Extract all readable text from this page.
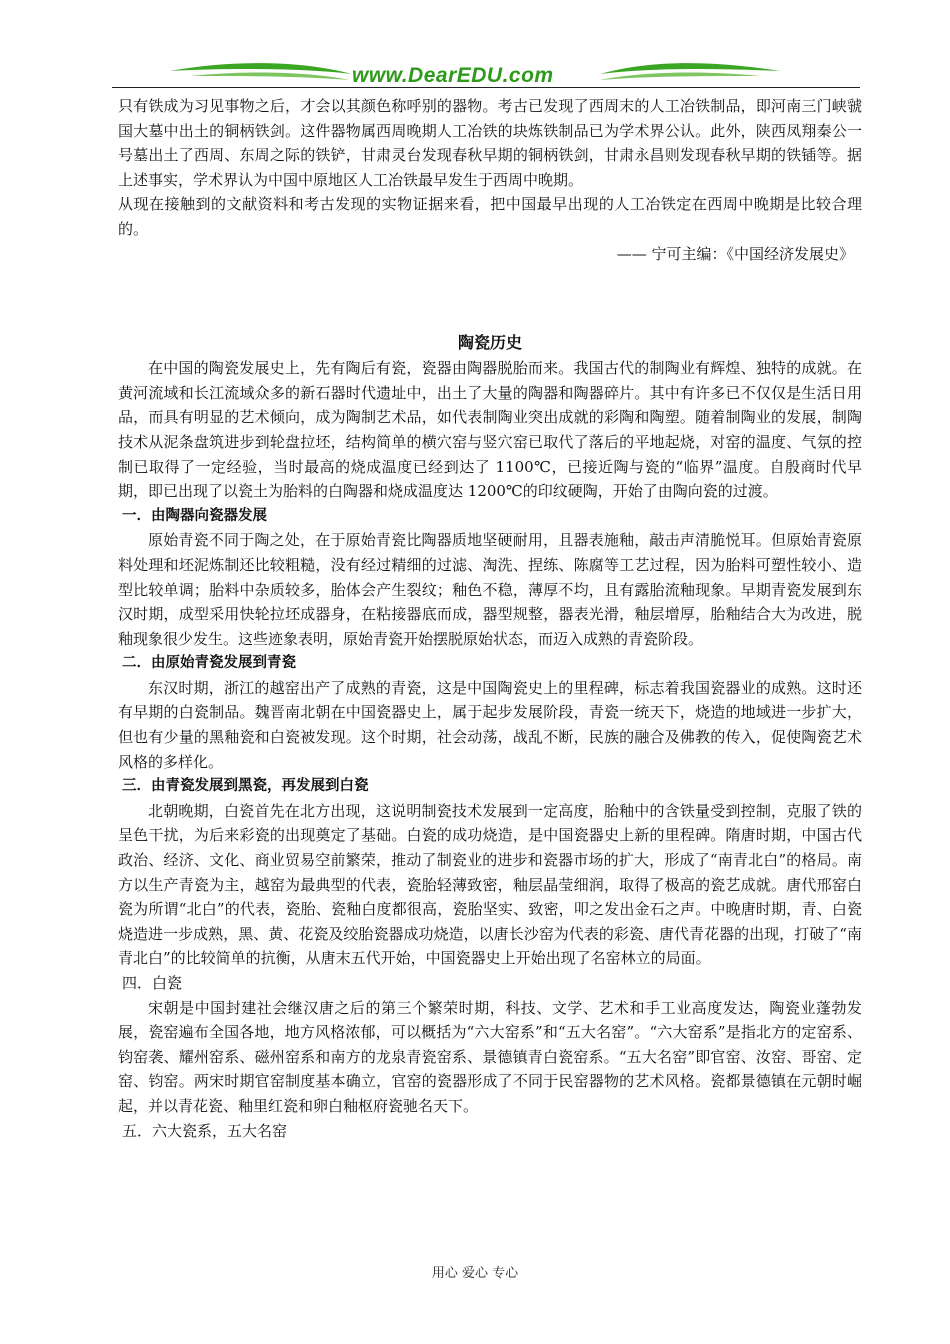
www.DearEDU.com

只有铁成为习见事物之后，才会以其颜色称呼别的器物。考古已发现了西周末的人工冶铁制品，即河南三门峡虢国大墓中出土的铜柄铁剑。这件器物属西周晚期人工冶铁的块炼铁制品已为学术界公认。此外，陕西凤翔秦公一号墓出土了西周、东周之际的铁铲，甘肃灵台发现春秋早期的铜柄铁剑，甘肃永昌则发现春秋早期的铁锸等。据上述事实，学术界认为中国中原地区人工冶铁最早发生于西周中晚期。

从现在接触到的文献资料和考古发现的实物证据来看，把中国最早出现的人工冶铁定在西周中晚期是比较合理的。

—— 宁可主编：《中国经济发展史》

陶瓷历史

在中国的陶瓷发展史上，先有陶后有瓷，瓷器由陶器脱胎而来。我国古代的制陶业有辉煌、独特的成就。在黄河流域和长江流域众多的新石器时代遗址中，出土了大量的陶器和陶器碎片。其中有许多已不仅仅是生活日用品，而具有明显的艺术倾向，成为陶制艺术品，如代表制陶业突出成就的彩陶和陶塑。随着制陶业的发展，制陶技术从泥条盘筑进步到轮盘拉坯，结构简单的横穴窑与竖穴窑已取代了落后的平地起烧，对窑的温度、气氛的控制已取得了一定经验，当时最高的烧成温度已经到达了 1100℃，已接近陶与瓷的“临界”温度。自殷商时代早期，即已出现了以瓷土为胎料的白陶器和烧成温度达 1200℃的印纹硬陶，开始了由陶向瓷的过渡。

一．由陶器向瓷器发展

原始青瓷不同于陶之处，在于原始青瓷比陶器质地坚硬耐用，且器表施釉，敲击声清脆悦耳。但原始青瓷原料处理和坯泥炼制还比较粗糙，没有经过精细的过滤、淘洗、捏练、陈腐等工艺过程，因为胎料可塑性较小、造型比较单调；胎料中杂质较多，胎体会产生裂纹；釉色不稳，薄厚不均，且有露胎流釉现象。早期青瓷发展到东汉时期，成型采用快轮拉坯成器身，在粘接器底而成，器型规整，器表光滑，釉层增厚，胎釉结合大为改进，脱釉现象很少发生。这些迹象表明，原始青瓷开始摆脱原始状态，而迈入成熟的青瓷阶段。

二．由原始青瓷发展到青瓷

东汉时期，浙江的越窑出产了成熟的青瓷，这是中国陶瓷史上的里程碑，标志着我国瓷器业的成熟。这时还有早期的白瓷制品。魏晋南北朝在中国瓷器史上，属于起步发展阶段，青瓷一统天下，烧造的地域进一步扩大，但也有少量的黑釉瓷和白瓷被发现。这个时期，社会动荡，战乱不断，民族的融合及佛教的传入，促使陶瓷艺术风格的多样化。

三．由青瓷发展到黑瓷，再发展到白瓷

北朝晚期，白瓷首先在北方出现，这说明制瓷技术发展到一定高度，胎釉中的含铁量受到控制，克服了铁的呈色干扰，为后来彩瓷的出现奠定了基础。白瓷的成功烧造，是中国瓷器史上新的里程碑。隋唐时期，中国古代政治、经济、文化、商业贸易空前繁荣，推动了制瓷业的进步和瓷器市场的扩大，形成了“南青北白”的格局。南方以生产青瓷为主，越窑为最典型的代表，瓷胎轻薄致密，釉层晶莹细润，取得了极高的瓷艺成就。唐代邢窑白瓷为所谓“北白”的代表，瓷胎、瓷釉白度都很高，瓷胎坚实、致密，叩之发出金石之声。中晚唐时期，青、白瓷烧造进一步成熟，黑、黄、花瓷及绞胎瓷器成功烧造，以唐长沙窑为代表的彩瓷、唐代青花器的出现，打破了“南青北白”的比较简单的抗衡，从唐末五代开始，中国瓷器史上开始出现了名窑林立的局面。

四．白瓷

宋朝是中国封建社会继汉唐之后的第三个繁荣时期，科技、文学、艺术和手工业高度发达，陶瓷业蓬勃发展，瓷窑遍布全国各地，地方风格浓郁，可以概括为“六大窑系”和“五大名窑”。“六大窑系”是指北方的定窑系、钧窑袭、耀州窑系、磁州窑系和南方的龙泉青瓷窑系、景德镇青白瓷窑系。“五大名窑”即官窑、汝窑、哥窑、定窑、钧窑。两宋时期官窑制度基本确立，官窑的瓷器形成了不同于民窑器物的艺术风格。瓷都景德镇在元朝时崛起，并以青花瓷、釉里红瓷和卵白釉枢府瓷驰名天下。

五．六大瓷系，五大名窑

用心 爱心 专心
